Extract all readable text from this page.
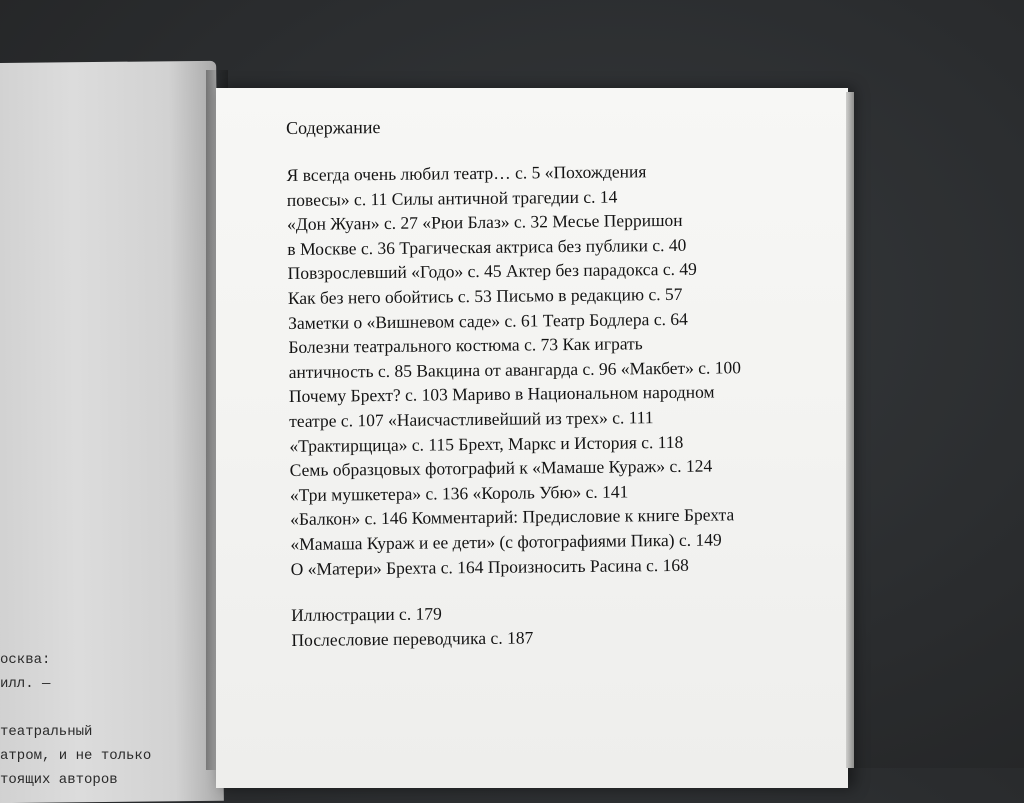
осква:
илл. —

театральный
атром, и не только
тоящих авторов
Содержание
Я всегда очень любил театр… с. 5 «Похождения
повесы» с. 11 Силы античной трагедии с. 14
«Дон Жуан» с. 27 «Рюи Блаз» с. 32 Месье Перришон
в Москве с. 36 Трагическая актриса без публики с. 40
Повзрослевший «Годо» с. 45 Актер без парадокса с. 49
Как без него обойтись с. 53 Письмо в редакцию с. 57
Заметки о «Вишневом саде» с. 61 Театр Бодлера с. 64
Болезни театрального костюма с. 73 Как играть
античность с. 85 Вакцина от авангарда с. 96 «Макбет» с. 100
Почему Брехт? с. 103 Мариво в Национальном народном
театре с. 107 «Наисчастливейший из трех» с. 111
«Трактирщица» с. 115 Брехт, Маркс и История с. 118
Семь образцовых фотографий к «Мамаше Кураж» с. 124
«Три мушкетера» с. 136 «Король Убю» с. 141
«Балкон» с. 146 Комментарий: Предисловие к книге Брехта
«Мамаша Кураж и ее дети» (с фотографиями Пика) с. 149
О «Матери» Брехта с. 164 Произносить Расина с. 168
Иллюстрации с. 179
Послесловие переводчика с. 187
